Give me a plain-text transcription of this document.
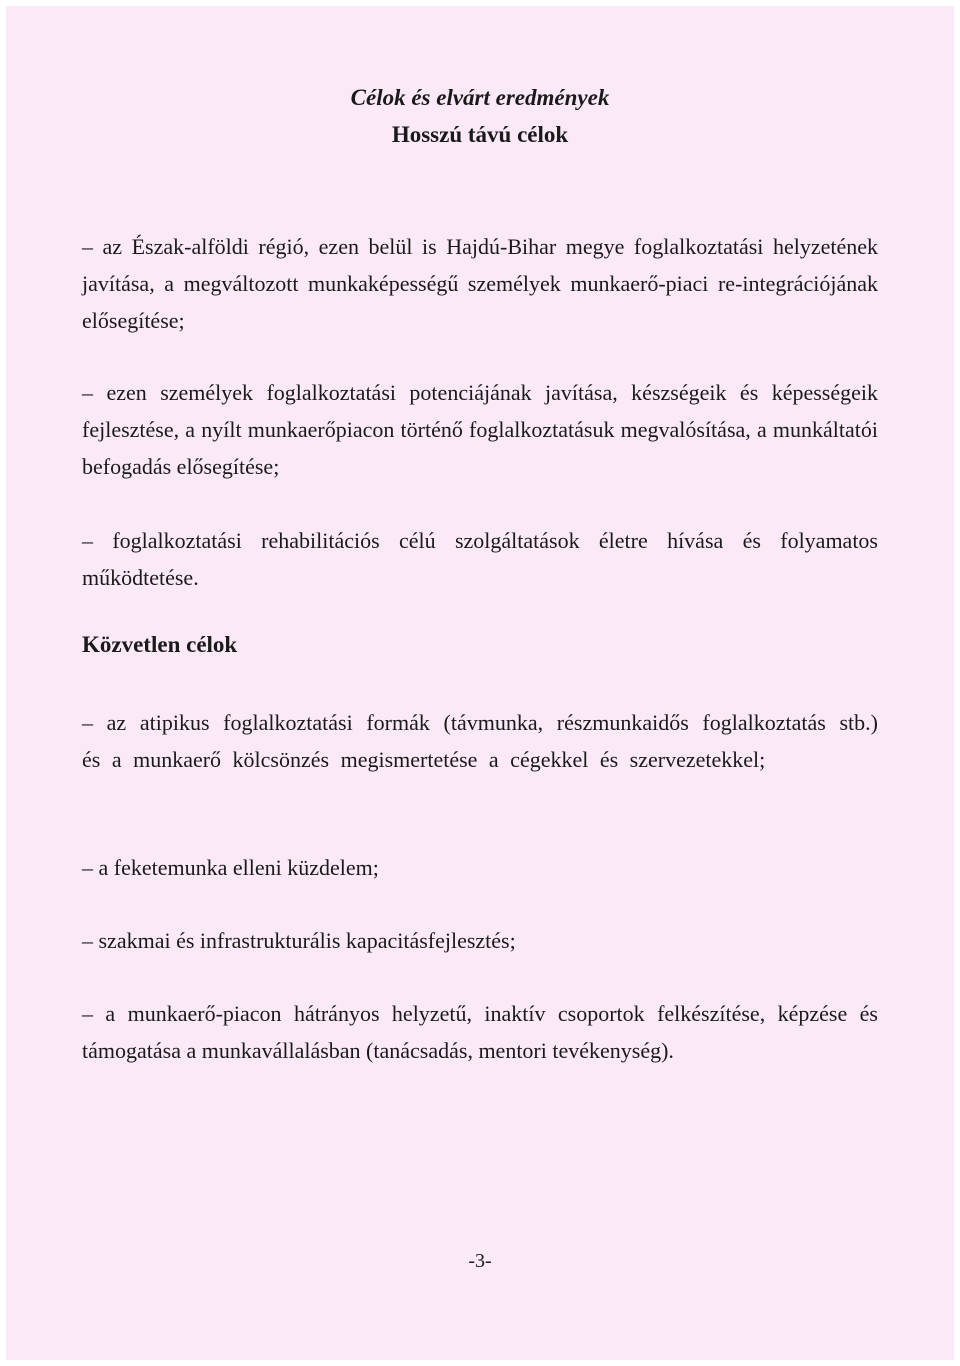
Célok és elvárt eredmények
Hosszú távú célok

– az Észak-alföldi régió, ezen belül is Hajdú-Bihar megye foglalkoztatási helyzetének javítása, a megváltozott munkaképességű személyek munkaerő-piaci re-integrációjának elősegítése;

– ezen személyek foglalkoztatási potenciájának javítása, készségeik és képességeik fejlesztése, a nyílt munkaerőpiacon történő foglalkoztatásuk megvalósítása, a munkáltatói befogadás elősegítése;

– foglalkoztatási rehabilitációs célú szolgáltatások életre hívása és folyamatos működtetése.

Közvetlen célok

– az atipikus foglalkoztatási formák (távmunka, részmunkaidős foglalkoztatás stb.) és a munkaerő kölcsönzés megismertetése a cégekkel és szervezetekkel;

– a feketemunka elleni küzdelem;

– szakmai és infrastrukturális kapacitásfejlesztés;

– a munkaerő-piacon hátrányos helyzetű, inaktív csoportok felkészítése, képzése és támogatása a munkavállalásban (tanácsadás, mentori tevékenység).

-3-
